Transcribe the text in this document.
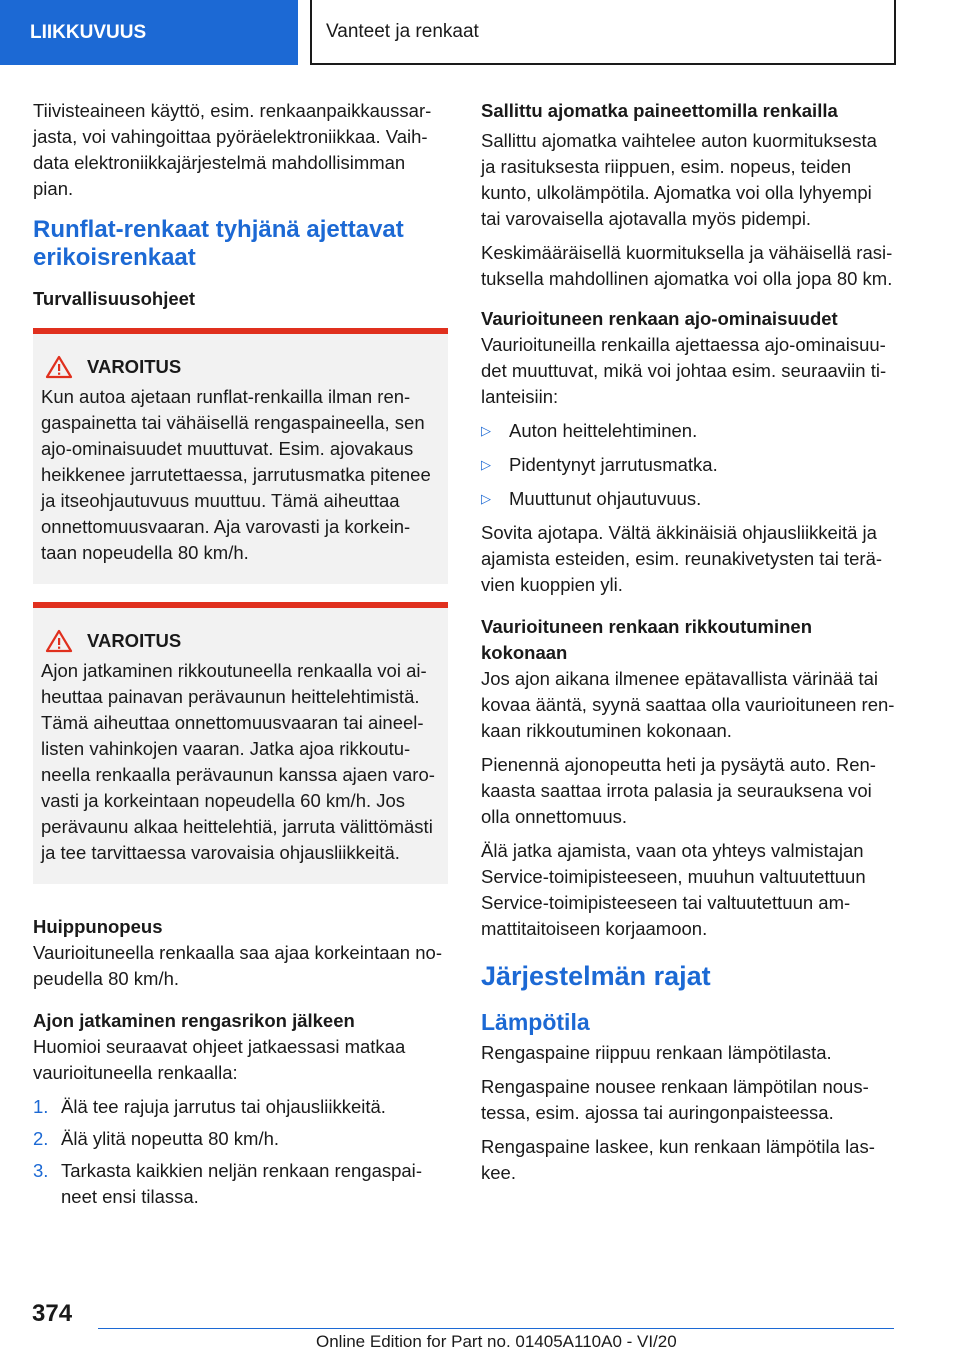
LIIKKUVUUS	Vanteet ja renkaat

Tiivisteaineen käyttö, esim. renkaanpaikkaussarjasta, voi vahingoittaa pyöräelektroniikkaa. Vaihdata elektroniikkajärjestelmä mahdollisimman pian.

Runflat-renkaat tyhjänä ajettavat erikoisrenkaat
Turvallisuusohjeet
VAROITUS
Kun autoa ajetaan runflat-renkailla ilman rengaspainetta tai vähäisellä rengaspaineella, sen ajo-ominaisuudet muuttuvat. Esim. ajovakaus heikkenee jarrutettaessa, jarrutusmatka pitenee ja itseohjautuvuus muuttuu. Tämä aiheuttaa onnettomuusvaaran. Aja varovasti ja korkeintaan nopeudella 80 km/h.
VAROITUS
Ajon jatkaminen rikkoutuneella renkaalla voi aiheuttaa painavan perävaunun heittelehtimistä. Tämä aiheuttaa onnettomuusvaaran tai aineellisten vahinkojen vaaran. Jatka ajoa rikkoutuneella renkaalla perävaunun kanssa ajaen varovasti ja korkeintaan nopeudella 60 km/h. Jos perävaunu alkaa heittelehtiä, jarruta välittömästi ja tee tarvittaessa varovaisia ohjausliikkeitä.
Huippunopeus

Vaurioituneella renkaalla saa ajaa korkeintaan nopeudella 80 km/h.

Ajon jatkaminen rengasrikon jälkeen

Huomioi seuraavat ohjeet jatkaessasi matkaa vaurioituneella renkaalla:

1. Älä tee rajuja jarrutus tai ohjausliikkeitä.
2. Älä ylitä nopeutta 80 km/h.
3. Tarkasta kaikkien neljän renkaan rengaspaineet ensi tilassa.
Sallittu ajomatka paineettomilla renkailla

Sallittu ajomatka vaihtelee auton kuormituksesta ja rasituksesta riippuen, esim. nopeus, teiden kunto, ulkolämpötila. Ajomatka voi olla lyhyempi tai varovaisella ajotavalla myös pidempi.

Keskimääräisellä kuormituksella ja vähäisellä rasituksella mahdollinen ajomatka voi olla jopa 80 km.

Vaurioituneen renkaan ajo-ominaisuudet

Vaurioituneilla renkailla ajettaessa ajo-ominaisuudet muuttuvat, mikä voi johtaa esim. seuraaviin tilanteisiin:

▷ Auton heittelehtiminen.
▷ Pidentynyt jarrutusmatka.
▷ Muuttunut ohjautuvuus.

Sovita ajotapa. Vältä äkkinäisiä ohjausliikkeitä ja ajamista esteiden, esim. reunakivetysten tai terävien kuoppien yli.

Vaurioituneen renkaan rikkoutuminen kokonaan

Jos ajon aikana ilmenee epätavallista värinää tai kovaa ääntä, syynä saattaa olla vaurioituneen renkaan rikkoutuminen kokonaan.

Pienennä ajonopeutta heti ja pysäytä auto. Renkaasta saattaa irrota palasia ja seurauksena voi olla onnettomuus.

Älä jatka ajamista, vaan ota yhteys valmistajan Service-toimipisteeseen, muuhun valtuutettuun Service-toimipisteeseen tai valtuutettuun ammattitaitoiseen korjaamoon.

Järjestelmän rajat
Lämpötila

Rengaspaine riippuu renkaan lämpötilasta.

Rengaspaine nousee renkaan lämpötilan noustessa, esim. ajossa tai auringonpaisteessa.

Rengaspaine laskee, kun renkaan lämpötila laskee.

374
Online Edition for Part no. 01405A110A0 - VI/20
